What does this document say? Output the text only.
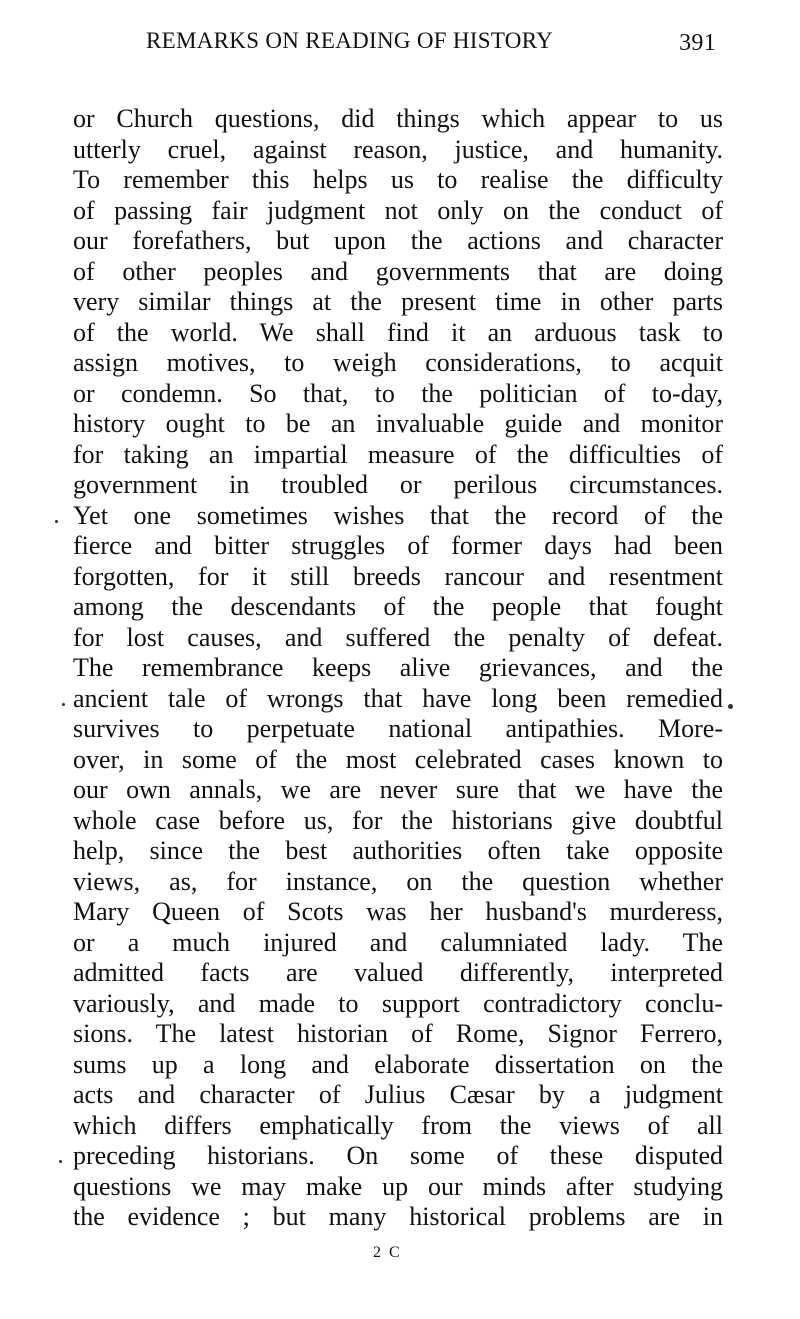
REMARKS ON READING OF HISTORY	391
or Church questions, did things which appear to us
utterly cruel, against reason, justice, and humanity.
To remember this helps us to realise the difficulty
of passing fair judgment not only on the conduct of
our forefathers, but upon the actions and character
of other peoples and governments that are doing
very similar things at the present time in other parts
of the world. We shall find it an arduous task to
assign motives, to weigh considerations, to acquit
or condemn. So that, to the politician of to-day,
history ought to be an invaluable guide and monitor
for taking an impartial measure of the difficulties of
government in troubled or perilous circumstances.
Yet one sometimes wishes that the record of the
fierce and bitter struggles of former days had been
forgotten, for it still breeds rancour and resentment
among the descendants of the people that fought
for lost causes, and suffered the penalty of defeat.
The remembrance keeps alive grievances, and the
ancient tale of wrongs that have long been remedied
survives to perpetuate national antipathies. More-
over, in some of the most celebrated cases known to
our own annals, we are never sure that we have the
whole case before us, for the historians give doubtful
help, since the best authorities often take opposite
views, as, for instance, on the question whether
Mary Queen of Scots was her husband's murderess,
or a much injured and calumniated lady. The
admitted facts are valued differently, interpreted
variously, and made to support contradictory conclu-
sions. The latest historian of Rome, Signor Ferrero,
sums up a long and elaborate dissertation on the
acts and character of Julius Cæsar by a judgment
which differs emphatically from the views of all
preceding historians. On some of these disputed
questions we may make up our minds after studying
the evidence ; but many historical problems are in
2 C
